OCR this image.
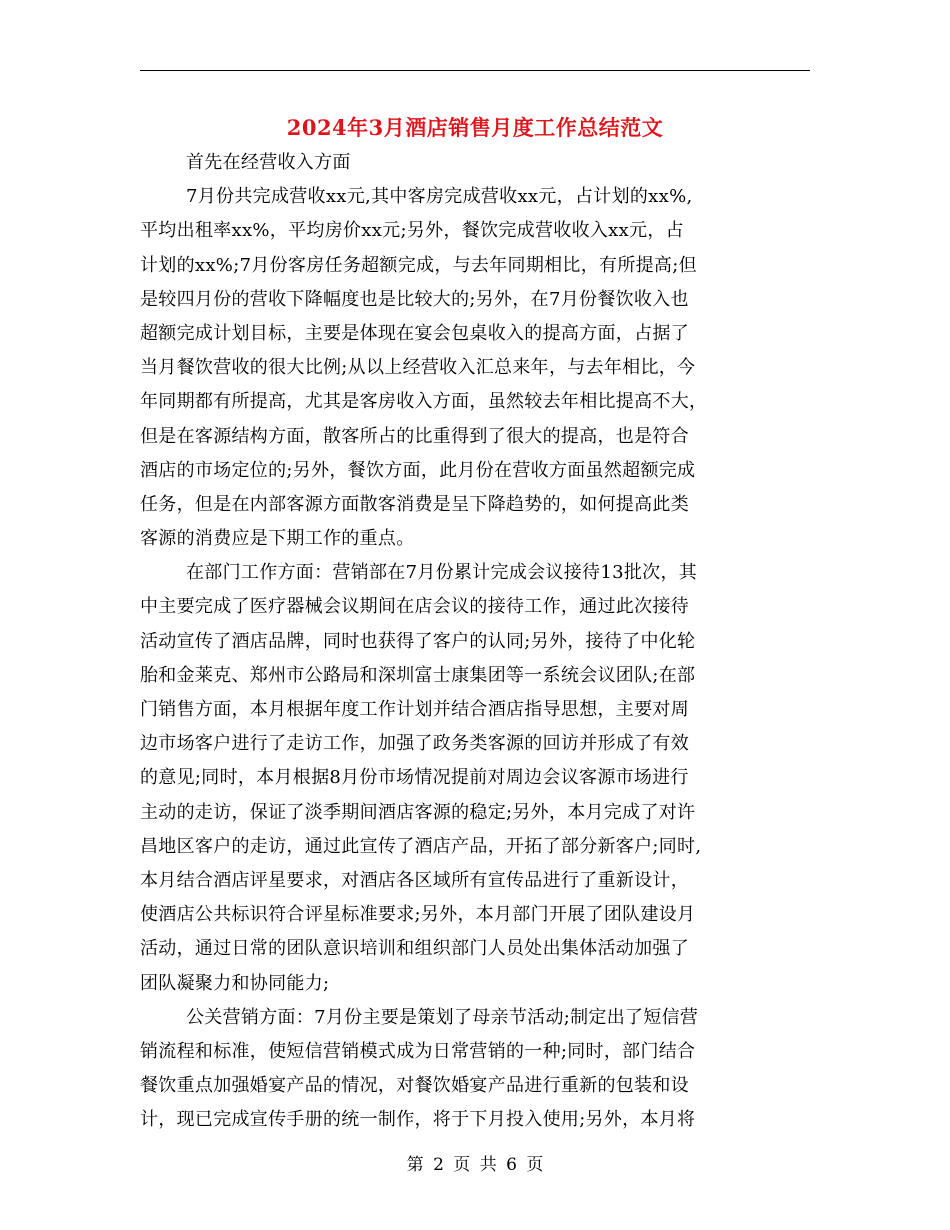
2024年3月酒店销售月度工作总结范文
首先在经营收入方面
7月份共完成营收xx元,其中客房完成营收xx元，占计划的xx%,
平均出租率xx%，平均房价xx元;另外，餐饮完成营收收入xx元，占
计划的xx%;7月份客房任务超额完成，与去年同期相比，有所提高;但
是较四月份的营收下降幅度也是比较大的;另外，在7月份餐饮收入也
超额完成计划目标，主要是体现在宴会包桌收入的提高方面，占据了
当月餐饮营收的很大比例;从以上经营收入汇总来年，与去年相比，今
年同期都有所提高，尤其是客房收入方面，虽然较去年相比提高不大，
但是在客源结构方面，散客所占的比重得到了很大的提高，也是符合
酒店的市场定位的;另外，餐饮方面，此月份在营收方面虽然超额完成
任务，但是在内部客源方面散客消费是呈下降趋势的，如何提高此类
客源的消费应是下期工作的重点。
在部门工作方面：营销部在7月份累计完成会议接待13批次，其
中主要完成了医疗器械会议期间在店会议的接待工作，通过此次接待
活动宣传了酒店品牌，同时也获得了客户的认同;另外，接待了中化轮
胎和金莱克、郑州市公路局和深圳富士康集团等一系统会议团队;在部
门销售方面，本月根据年度工作计划并结合酒店指导思想，主要对周
边市场客户进行了走访工作，加强了政务类客源的回访并形成了有效
的意见;同时，本月根据8月份市场情况提前对周边会议客源市场进行
主动的走访，保证了淡季期间酒店客源的稳定;另外，本月完成了对许
昌地区客户的走访，通过此宣传了酒店产品，开拓了部分新客户;同时,
本月结合酒店评星要求，对酒店各区域所有宣传品进行了重新设计，
使酒店公共标识符合评星标准要求;另外，本月部门开展了团队建设月
活动，通过日常的团队意识培训和组织部门人员处出集体活动加强了
团队凝聚力和协同能力;
公关营销方面：7月份主要是策划了母亲节活动;制定出了短信营
销流程和标准，使短信营销模式成为日常营销的一种;同时，部门结合
餐饮重点加强婚宴产品的情况，对餐饮婚宴产品进行重新的包装和设
计，现已完成宣传手册的统一制作，将于下月投入使用;另外，本月将
第 2 页 共 6 页
